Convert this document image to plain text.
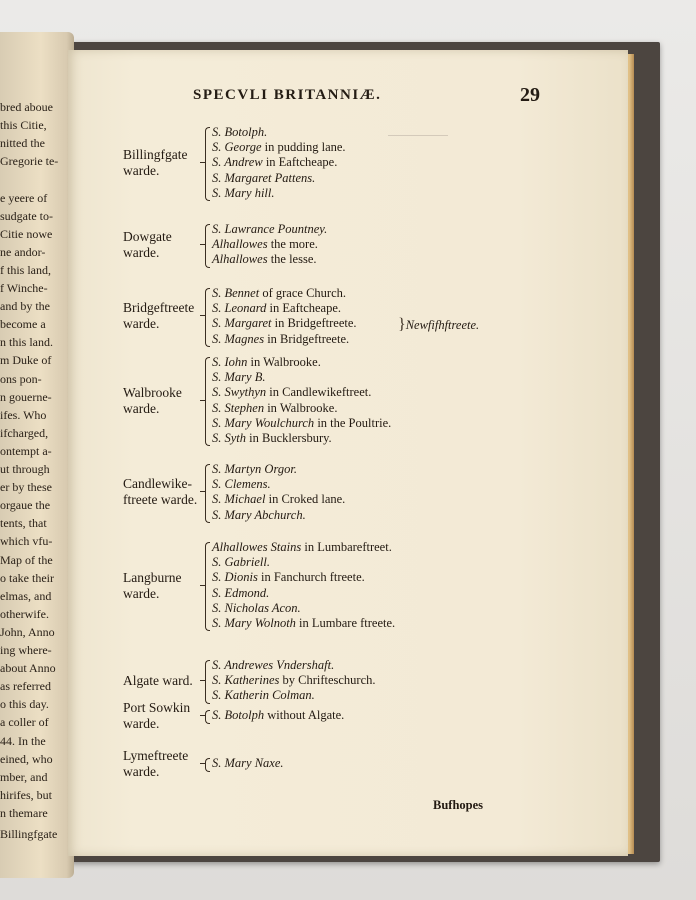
bred aboue
this Citie,
nitted the
Gregorie te-
e yeere of
sudgate to-
Citie nowe
ne andor-
f this land,
f Winche-
and by the
become a
n this land.
m Duke of
ons pon-
n gouerne-
ifes. Who
ifcharged,
ontempt a-
ut through
er by these
orgaue the
tents, that
which vfu-
Map of the
o take their
elmas, and
otherwife.
John, Anno
ing where-
about Anno
as referred
o this day.
a coller of
44. In the
eined, who
mber, and
hirifes, but
n themare
Billingfgate
SPECVLI BRITANNIÆ.	29
Billingfgate
warde.
S. Botolph.
S. George in pudding lane.
S. Andrew in Eaftcheape.
S. Margaret Pattens.
S. Mary hill.
Dowgate
warde.
S. Lawrance Pountney.
Alhallowes the more.
Alhallowes the lesse.
Bridgeftreete
warde.
S. Bennet of grace Church.
S. Leonard in Eaftcheape.
S. Margaret in Bridgeftreete.
S. Magnes in Bridgeftreete.
Walbrooke
warde.
S. Iohn in Walbrooke.
S. Mary B.
S. Swythyn in Candlewikeftreet.
S. Stephen in Walbrooke.
S. Mary Woulchurch in the Poultrie.
S. Syth in Bucklersbury.
Candlewike-
ftreete warde.
S. Martyn Orgor.
S. Clemens.
S. Michael in Croked lane.
S. Mary Abchurch.
Langburne
warde.
Alhallowes Stains in Lumbareftreet.
S. Gabriell.
S. Dionis in Fanchurch ftreete.
S. Edmond.
S. Nicholas Acon.
S. Mary Wolnoth in Lumbare ftreete.
Algate ward.
S. Andrewes Vndershaft.
S. Katherines by Chrifteschurch.
S. Katherin Colman.
Port Sowkin
warde.
S. Botolph without Algate.
Lymeftreete
warde.
S. Mary Naxe.
}Newfifhftreete.
Bufhopes
